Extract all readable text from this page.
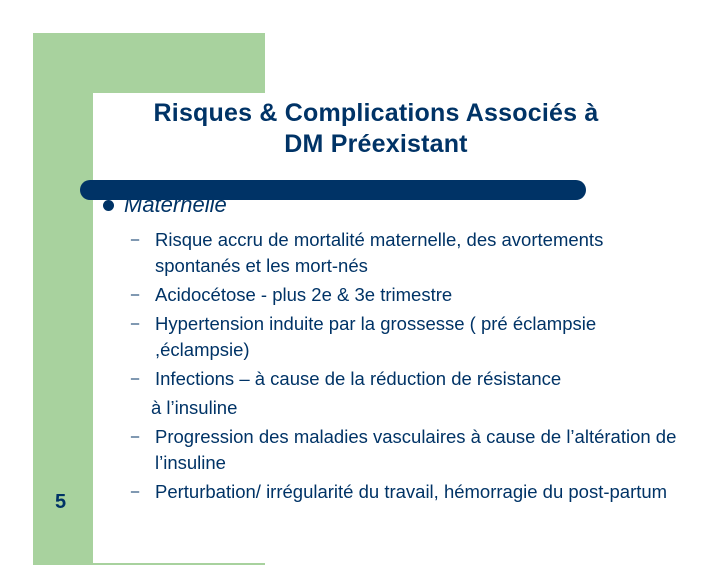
Risques & Complications Associés à
DM Préexistant
Maternelle
– Risque accru de mortalité maternelle, des avortements spontanés et les mort-nés
– Acidocétose - plus 2e & 3e trimestre
– Hypertension induite par la grossesse ( pré éclampsie ,éclampsie)
– Infections – à cause de la réduction de résistance
à l’insuline
– Progression des maladies vasculaires à cause de l’altération de l’insuline
– Perturbation/ irrégularité du travail, hémorragie du post-partum
5
